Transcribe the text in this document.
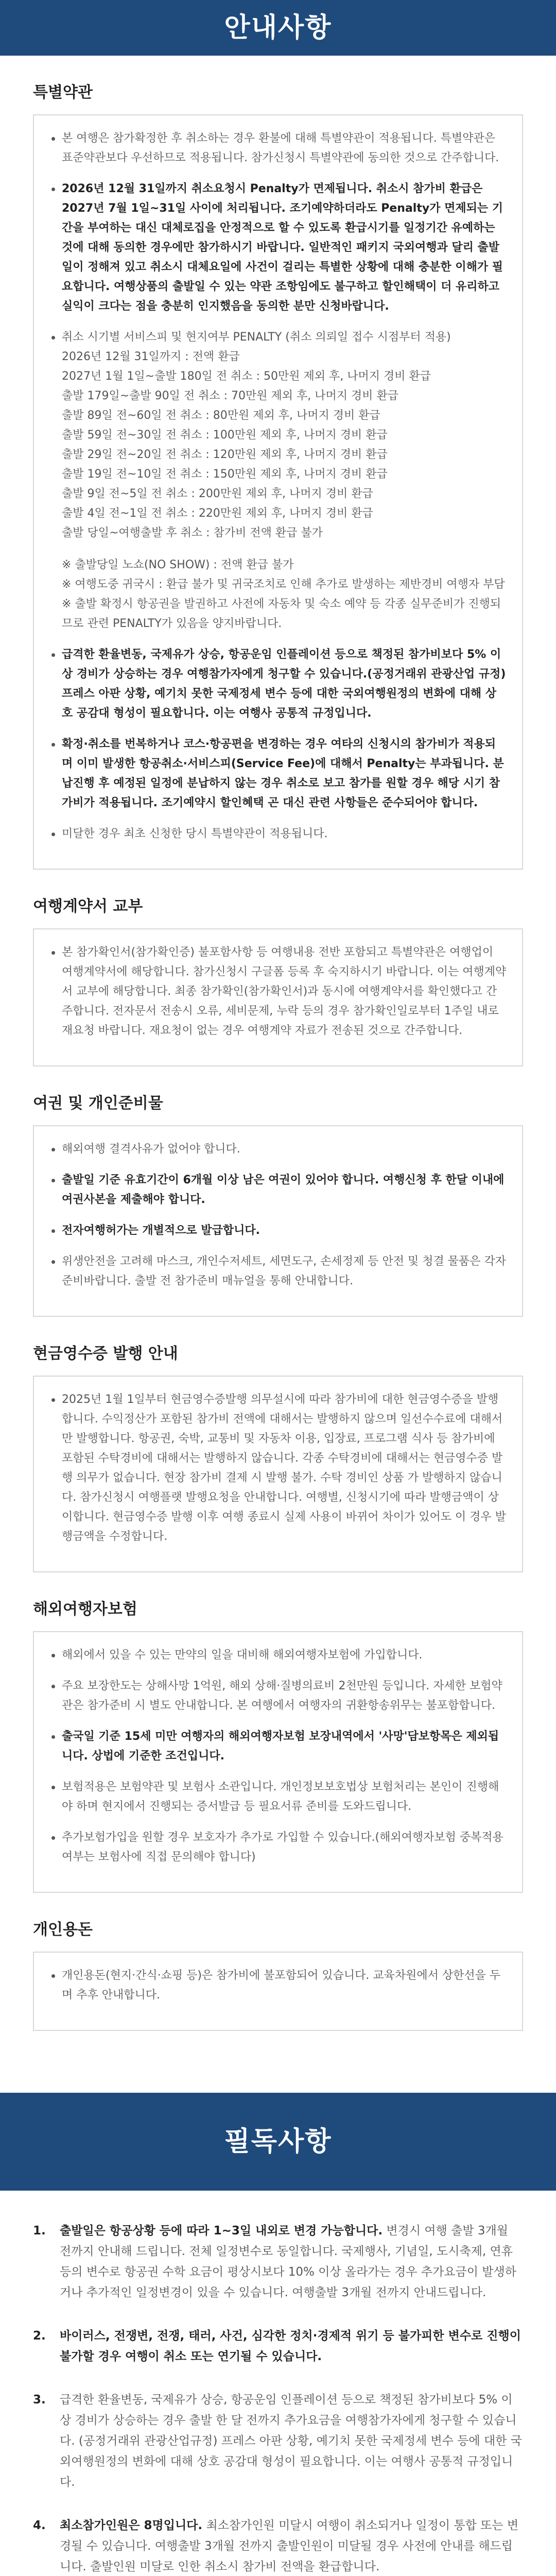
안내사항
특별약관
본 여행은 참가확정한 후 취소하는 경우 환불에 대해 특별약관이 적용됩니다. 특별약관은 표준약관보다 우선하므로 적용됩니다. 참가신청시 특별약관에 동의한 것으로 간주합니다.
2026년 12월 31일까지 취소요청시 Penalty가 면제됩니다. 취소시 참가비 환급은 2027년 7월 1일~31일 사이에 처리됩니다. 조기예약하더라도 Penalty가 면제되는 기간을 부여하는 대신 대체로집을 안정적으로 할 수 있도록 환급시기를 일정기간 유예하는 것에 대해 동의한 경우에만 참가하시기 바랍니다. 일반적인 패키지 국외여행과 달리 출발일이 정해져 있고 취소시 대체요일에 사건이 걸리는 특별한 상황에 대해 충분한 이해가 필요합니다. 여행상품의 출발일 수 있는 약관 조항임에도 불구하고 할인해택이 더 유리하고 실익이 크다는 점을 충분히 인지했음을 동의한 분만 신청바랍니다.
취소 시기별 서비스피 및 현지여부 PENALTY (취소 의뢰일 접수 시점부터 적용)
2026년 12월 31일까지 : 전액 환급
2027년 1월 1일~출발 180일 전 취소 : 50만원 제외 후, 나머지 경비 환급
출발 179일~출발 90일 전 취소 : 70만원 제외 후, 나머지 경비 환급
출발 89일 전~60일 전 취소 : 80만원 제외 후, 나머지 경비 환급
출발 59일 전~30일 전 취소 : 100만원 제외 후, 나머지 경비 환급
출발 29일 전~20일 전 취소 : 120만원 제외 후, 나머지 경비 환급
출발 19일 전~10일 전 취소 : 150만원 제외 후, 나머지 경비 환급
출발 9일 전~5일 전 취소 : 200만원 제외 후, 나머지 경비 환급
출발 4일 전~1일 전 취소 : 220만원 제외 후, 나머지 경비 환급
출발 당일~여행출발 후 취소 : 참가비 전액 환급 불가
※ 출발당일 노쇼(NO SHOW) : 전액 환급 불가
※ 여행도중 귀국시 : 환급 불가 및 귀국조치로 인해 추가로 발생하는 제반경비 여행자 부담
※ 출발 확정시 항공권을 발권하고 사전에 자동차 및 숙소 예약 등 각종 실무준비가 진행되므로 관련 PENALTY가 있음을 양지바랍니다.
급격한 환율변동, 국제유가 상승, 항공운임 인플레이션 등으로 책정된 참가비보다 5% 이상 경비가 상승하는 경우 여행참가자에게 청구할 수 있습니다.(공정거래위 관광산업 규정) 프레스 아판 상황, 예기치 못한 국제정세 변수 등에 대한 국외여행원정의 변화에 대해 상호 공감대 형성이 필요합니다. 이는 여행사 공통적 규정입니다.
확정·취소를 번복하거나 코스·항공편을 변경하는 경우 여타의 신청시의 참가비가 적용되며 이미 발생한 항공취소·서비스피(Service Fee)에 대해서 Penalty는 부과됩니다. 분납진행 후 예정된 일정에 분납하지 않는 경우 취소로 보고 참가를 원할 경우 해당 시기 참가비가 적용됩니다. 조기예약시 할인혜택 곤 대신 관련 사항들은 준수되어야 합니다.
미달한 경우 최초 신청한 당시 특별약관이 적용됩니다.
여행계약서 교부
본 참가확인서(참가확인증) 불포함사항 등 여행내용 전반 포함되고 특별약관은 여행업이 여행계약서에 해당합니다. 참가신청시 구글폼 등록 후 숙지하시기 바랍니다. 이는 여행계약서 교부에 해당합니다. 최종 참가확인(참가확인서)과 동시에 여행계약서를 확인했다고 간주합니다. 전자문서 전송시 오류, 세비문제, 누락 등의 경우 참가확인일로부터 1주일 내로 재요청 바랍니다. 재요청이 없는 경우 여행계약 자료가 전송된 것으로 간주합니다.
여권 및 개인준비물
해외여행 결격사유가 없어야 합니다.
출발일 기준 유효기간이 6개월 이상 남은 여권이 있어야 합니다. 여행신청 후 한달 이내에 여권사본을 제출해야 합니다.
전자여행허가는 개별적으로 발급합니다.
위생안전을 고려해 마스크, 개인수저세트, 세면도구, 손세정제 등 안전 및 청결 물품은 각자 준비바랍니다. 출발 전 참가준비 매뉴얼을 통해 안내합니다.
현금영수증 발행 안내
2025년 1월 1일부터 현금영수증발행 의무설시에 따라 참가비에 대한 현금영수증을 발행합니다. 수익정산가 포함된 참가비 전액에 대해서는 발행하지 않으며 일선수수료에 대해서만 발행합니다. 항공권, 숙박, 교통비 및 자동차 이용, 입장료, 프로그램 식사 등 참가비에 포함된 수탁경비에 대해서는 발행하지 않습니다. 각종 수탁경비에 대해서는 현금영수증 발행 의무가 없습니다. 현장 참가비 결제 시 발행 불가. 수탁 경비인 상품 가 발행하지 않습니다. 참가신청시 여행플랫 발행요청을 안내합니다. 여행별, 신청시기에 따라 발행금액이 상이합니다. 현금영수증 발행 이후 여행 종료시 실제 사용이 바뀌어 차이가 있어도 이 경우 발행금액을 수정합니다.
해외여행자보험
해외에서 있을 수 있는 만약의 일을 대비해 해외여행자보험에 가입합니다.
주요 보장한도는 상해사망 1억원, 해외 상해·질병의료비 2천만원 등입니다. 자세한 보험약관은 참가준비 시 별도 안내합니다. 본 여행에서 여행자의 귀환항송위무는 불포함합니다.
출국일 기준 15세 미만 여행자의 해외여행자보험 보장내역에서 '사망'담보항목은 제외됩니다. 상법에 기준한 조건입니다.
보험적용은 보험약관 및 보험사 소관입니다. 개인정보보호법상 보험처리는 본인이 진행해야 하며 현지에서 진행되는 증서발급 등 필요서류 준비를 도와드립니다.
추가보험가입을 원할 경우 보호자가 추가로 가입할 수 있습니다.(해외여행자보험 중복적용 여부는 보험사에 직접 문의해야 합니다)
개인용돈
개인용돈(현지·간식·쇼핑 등)은 참가비에 불포함되어 있습니다. 교육차원에서 상한선을 두며 추후 안내합니다.
필독사항
1. 출발일은 항공상황 등에 따라 1~3일 내외로 변경 가능합니다. 변경시 여행 출발 3개월 전까지 안내해 드립니다. 전체 일정변수로 동일합니다. 국제행사, 기념일, 도시축제, 연휴 등의 변수로 항공권 수학 요금이 평상시보다 10% 이상 올라가는 경우 추가요금이 발생하거나 추가적인 일정변경이 있을 수 있습니다. 여행출발 3개월 전까지 안내드립니다.
2. 바이러스, 전쟁변, 전쟁, 태러, 사건, 심각한 정치·경제적 위기 등 불가피한 변수로 진행이 불가할 경우 여행이 취소 또는 연기될 수 있습니다.
3. 급격한 환율변동, 국제유가 상승, 항공운임 인플레이션 등으로 책정된 참가비보다 5% 이상 경비가 상승하는 경우 출발 한 달 전까지 추가요금을 여행참가자에게 청구할 수 있습니다. (공정거래위 관광산업규정) 프레스 아판 상황, 예기치 못한 국제정세 변수 등에 대한 국외여행원정의 변화에 대해 상호 공감대 형성이 필요합니다. 이는 여행사 공통적 규정입니다.
4. 최소참가인원은 8명입니다. 최소참가인원 미달시 여행이 취소되거나 일정이 통합 또는 변경될 수 있습니다. 여행출발 3개월 전까지 출발인원이 미달될 경우 사전에 안내를 해드립니다. 출발인원 미달로 인한 취소시 참가비 전액을 환급합니다.
